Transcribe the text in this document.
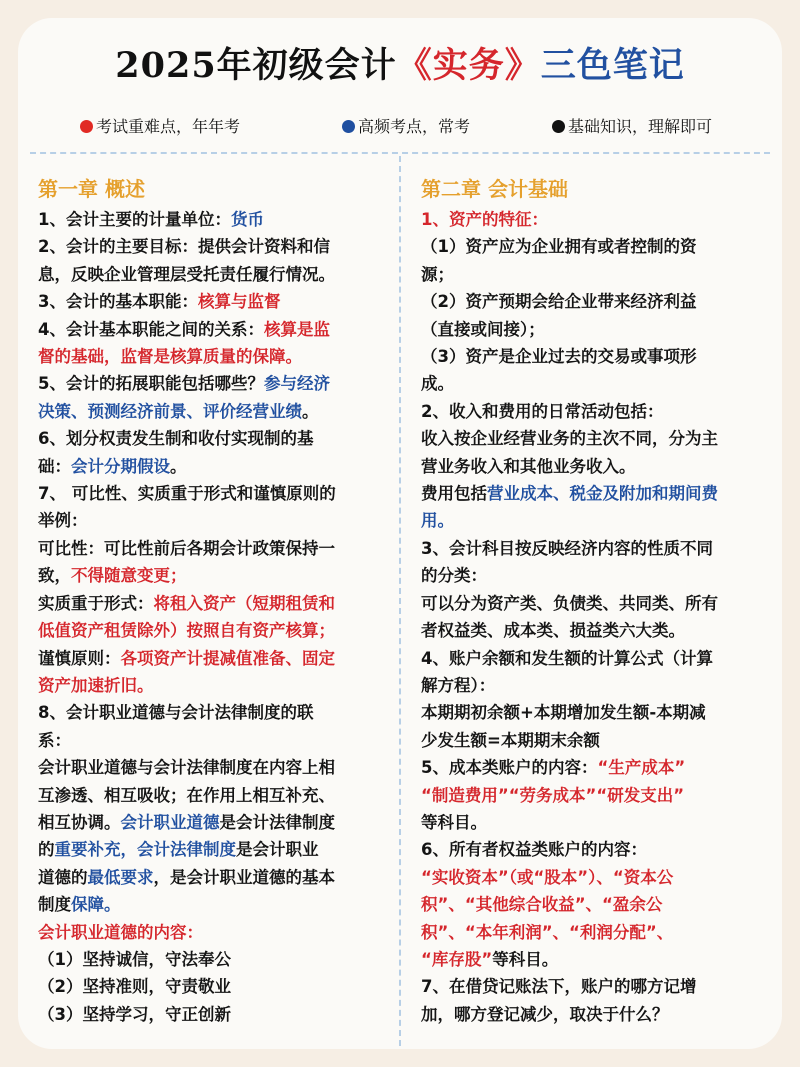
2025年初级会计《实务》三色笔记
考试重难点，年年考	高频考点，常考	基础知识，理解即可
第一章 概述
1、会计主要的计量单位：货币
2、会计的主要目标：提供会计资料和信
息，反映企业管理层受托责任履行情况。
3、会计的基本职能：核算与监督
4、会计基本职能之间的关系：核算是监
督的基础，监督是核算质量的保障。
5、会计的拓展职能包括哪些？参与经济
决策、预测经济前景、评价经营业绩。
6、划分权责发生制和收付实现制的基
础：会计分期假设。
7、 可比性、实质重于形式和谨慎原则的
举例：
可比性：可比性前后各期会计政策保持一
致，不得随意变更；
实质重于形式：将租入资产（短期租赁和
低值资产租赁除外）按照自有资产核算；
谨慎原则：各项资产计提减值准备、固定
资产加速折旧。
8、会计职业道德与会计法律制度的联
系：
会计职业道德与会计法律制度在内容上相
互渗透、相互吸收；在作用上相互补充、
相互协调。会计职业道德是会计法律制度
的重要补充，会计法律制度是会计职业
道德的最低要求，是会计职业道德的基本
制度保障。
会计职业道德的内容：
（1）坚持诚信，守法奉公
（2）坚持准则，守责敬业
（3）坚持学习，守正创新
第二章 会计基础
1、资产的特征：
（1）资产应为企业拥有或者控制的资
源；
（2）资产预期会给企业带来经济利益
（直接或间接）；
（3）资产是企业过去的交易或事项形
成。
2、收入和费用的日常活动包括：
收入按企业经营业务的主次不同，分为主
营业务收入和其他业务收入。
费用包括营业成本、税金及附加和期间费
用。
3、会计科目按反映经济内容的性质不同
的分类：
可以分为资产类、负债类、共同类、所有
者权益类、成本类、损益类六大类。
4、账户余额和发生额的计算公式（计算
解方程）：
本期期初余额+本期增加发生额-本期减
少发生额=本期期末余额
5、成本类账户的内容：“生产成本”
“制造费用”“劳务成本”“研发支出”
等科目。
6、所有者权益类账户的内容：
“实收资本”（或“股本”）、“资本公
积”、“其他综合收益”、“盈余公
积”、“本年利润”、“利润分配”、
“库存股”等科目。
7、在借贷记账法下，账户的哪方记增
加，哪方登记减少，取决于什么？
